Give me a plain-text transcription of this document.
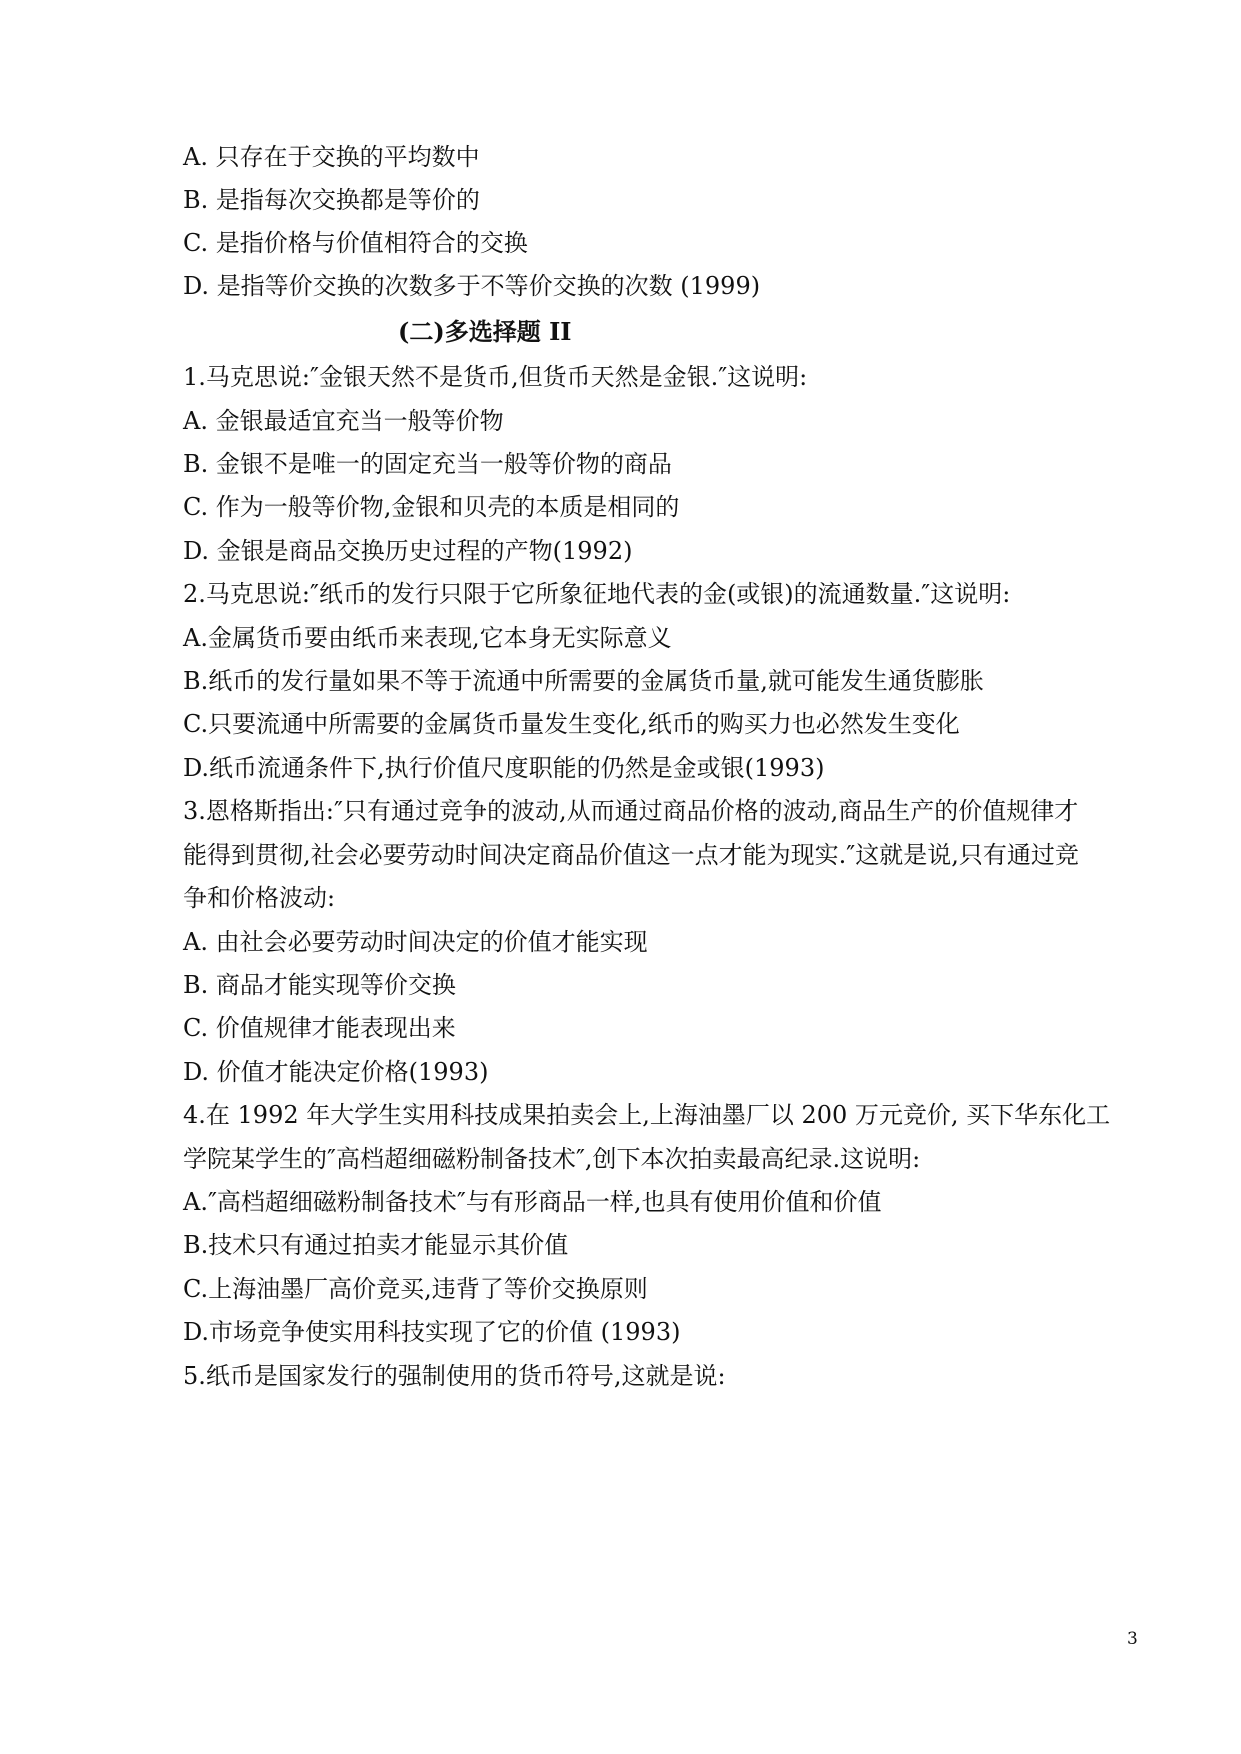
A. 只存在于交换的平均数中
B. 是指每次交换都是等价的
C. 是指价格与价值相符合的交换
D. 是指等价交换的次数多于不等价交换的次数 (1999)
(二)多选择题 II
1.马克思说:″金银天然不是货币,但货币天然是金银.″这说明:
A. 金银最适宜充当一般等价物
B. 金银不是唯一的固定充当一般等价物的商品
C. 作为一般等价物,金银和贝壳的本质是相同的
D. 金银是商品交换历史过程的产物(1992)
2.马克思说:″纸币的发行只限于它所象征地代表的金(或银)的流通数量.″这说明:
A.金属货币要由纸币来表现,它本身无实际意义
B.纸币的发行量如果不等于流通中所需要的金属货币量,就可能发生通货膨胀
C.只要流通中所需要的金属货币量发生变化,纸币的购买力也必然发生变化
D.纸币流通条件下,执行价值尺度职能的仍然是金或银(1993)
3.恩格斯指出:″只有通过竞争的波动,从而通过商品价格的波动,商品生产的价值规律才
能得到贯彻,社会必要劳动时间决定商品价值这一点才能为现实.″这就是说,只有通过竞
争和价格波动:
A. 由社会必要劳动时间决定的价值才能实现
B. 商品才能实现等价交换
C. 价值规律才能表现出来
D. 价值才能决定价格(1993)
4.在 1992 年大学生实用科技成果拍卖会上,上海油墨厂以 200 万元竞价, 买下华东化工
学院某学生的″高档超细磁粉制备技术″,创下本次拍卖最高纪录.这说明:
A.″高档超细磁粉制备技术″与有形商品一样,也具有使用价值和价值
B.技术只有通过拍卖才能显示其价值
C.上海油墨厂高价竞买,违背了等价交换原则
D.市场竞争使实用科技实现了它的价值 (1993)
5.纸币是国家发行的强制使用的货币符号,这就是说:
3
